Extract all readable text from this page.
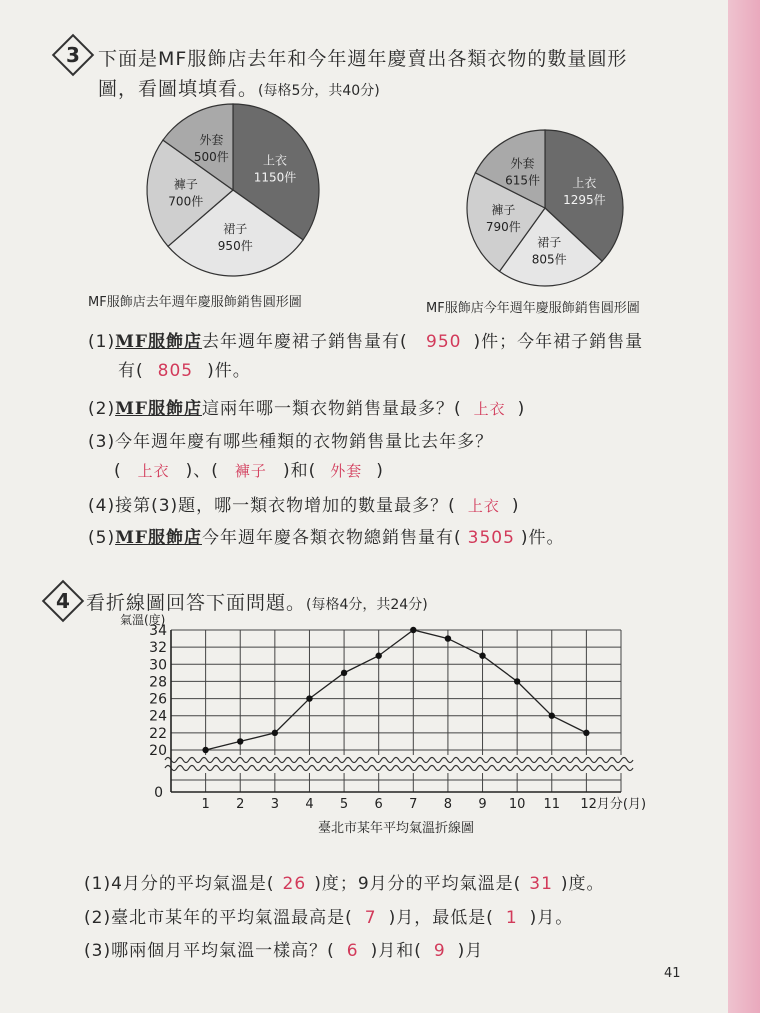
3 下面是MF服飾店去年和今年週年慶賣出各類衣物的數量圓形
圖，看圖填填看。(每格5分，共40分)
上衣
1150件
裙子
950件
褲子
700件
外套
500件
上衣
1295件
裙子
805件
褲子
790件
外套
615件
MF服飾店去年週年慶服飾銷售圓形圖	MF服飾店今年週年慶服飾銷售圓形圖
(1)MF服飾店去年週年慶裙子銷售量有( 950 )件；今年裙子銷售量
有( 805 )件。
(2)MF服飾店這兩年哪一類衣物銷售量最多？( 上衣 )
(3)今年週年慶有哪些種類的衣物銷售量比去年多？
( 上衣 )、( 褲子 )和( 外套 )
(4)接第(3)題，哪一類衣物增加的數量最多？( 上衣 )
(5)MF服飾店今年週年慶各類衣物總銷售量有( 3505 )件。
4 看折線圖回答下面問題。(每格4分，共24分)
氣溫(度)
34
32
30
28
26
24
22
20
0
1 2 3 4 5 6 7 8 9 10 11 12月分(月)
臺北市某年平均氣溫折線圖
(1)4月分的平均氣溫是( 26 )度；9月分的平均氣溫是( 31 )度。
(2)臺北市某年的平均氣溫最高是( 7 )月，最低是( 1 )月。
(3)哪兩個月平均氣溫一樣高？( 6 )月和( 9 )月
41
